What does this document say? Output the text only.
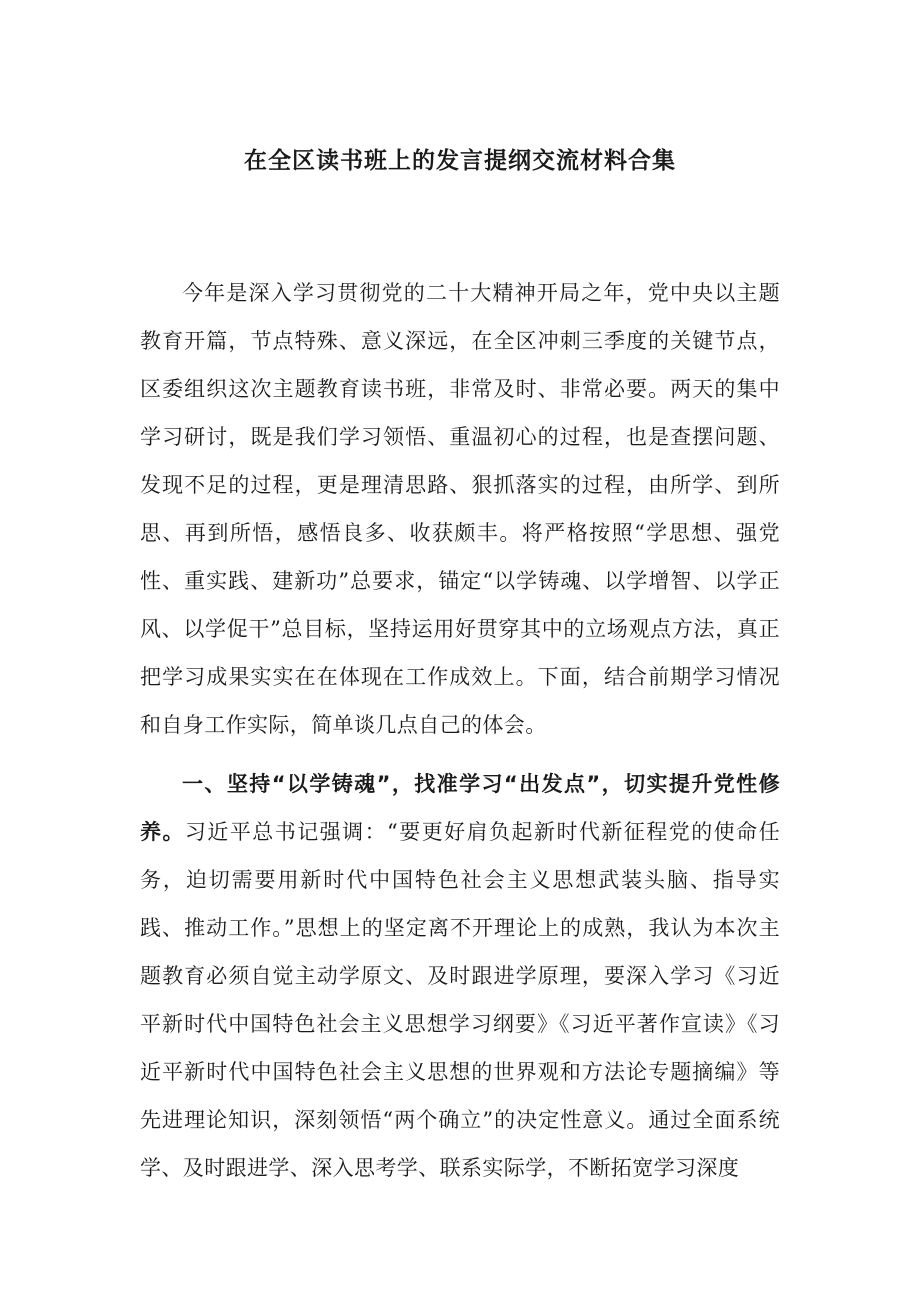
在全区读书班上的发言提纲交流材料合集

今年是深入学习贯彻党的二十大精神开局之年，党中央以主题教育开篇，节点特殊、意义深远，在全区冲刺三季度的关键节点，区委组织这次主题教育读书班，非常及时、非常必要。两天的集中学习研讨，既是我们学习领悟、重温初心的过程，也是查摆问题、发现不足的过程，更是理清思路、狠抓落实的过程，由所学、到所思、再到所悟，感悟良多、收获颇丰。将严格按照“学思想、强党性、重实践、建新功”总要求，锚定“以学铸魂、以学增智、以学正风、以学促干”总目标，坚持运用好贯穿其中的立场观点方法，真正把学习成果实实在在体现在工作成效上。下面，结合前期学习情况和自身工作实际，简单谈几点自己的体会。

一、坚持“以学铸魂”，找准学习“出发点”，切实提升党性修养。习近平总书记强调：“要更好肩负起新时代新征程党的使命任务，迫切需要用新时代中国特色社会主义思想武装头脑、指导实践、推动工作。”思想上的坚定离不开理论上的成熟，我认为本次主题教育必须自觉主动学原文、及时跟进学原理，要深入学习《习近平新时代中国特色社会主义思想学习纲要》《习近平著作宣读》《习近平新时代中国特色社会主义思想的世界观和方法论专题摘编》等先进理论知识，深刻领悟“两个确立”的决定性意义。通过全面系统学、及时跟进学、深入思考学、联系实际学，不断拓宽学习深度
